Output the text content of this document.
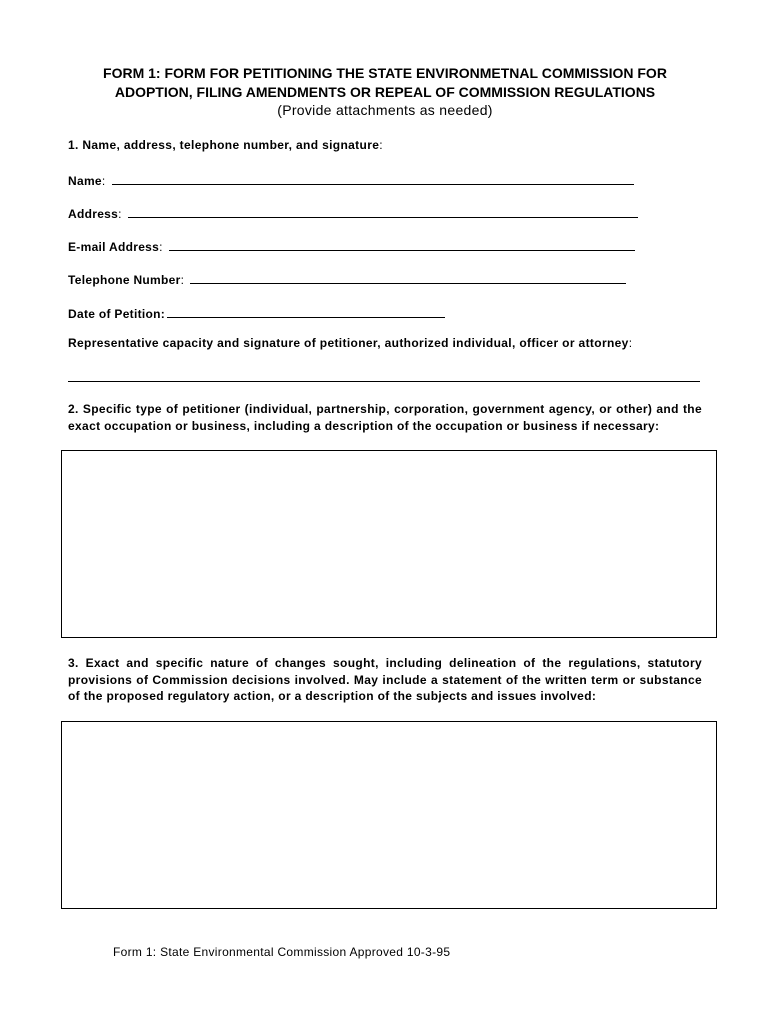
FORM 1: FORM FOR PETITIONING THE STATE ENVIRONMETNAL COMMISSION FOR
ADOPTION, FILING AMENDMENTS OR REPEAL OF COMMISSION REGULATIONS
(Provide attachments as needed)
1. Name, address, telephone number, and signature:
Name :
Address :
E-mail Address :
Telephone Number :
Date of Petition:
Representative capacity and signature of petitioner, authorized individual, officer or attorney:
2. Specific type of petitioner (individual, partnership, corporation, government agency, or other) and the exact occupation or business, including a description of the occupation or business if necessary:
3. Exact and specific nature of changes sought, including delineation of the regulations, statutory provisions of Commission decisions involved. May include a statement of the written term or substance of the proposed regulatory action, or a description of the subjects and issues involved:
Form 1: State Environmental Commission Approved 10-3-95
